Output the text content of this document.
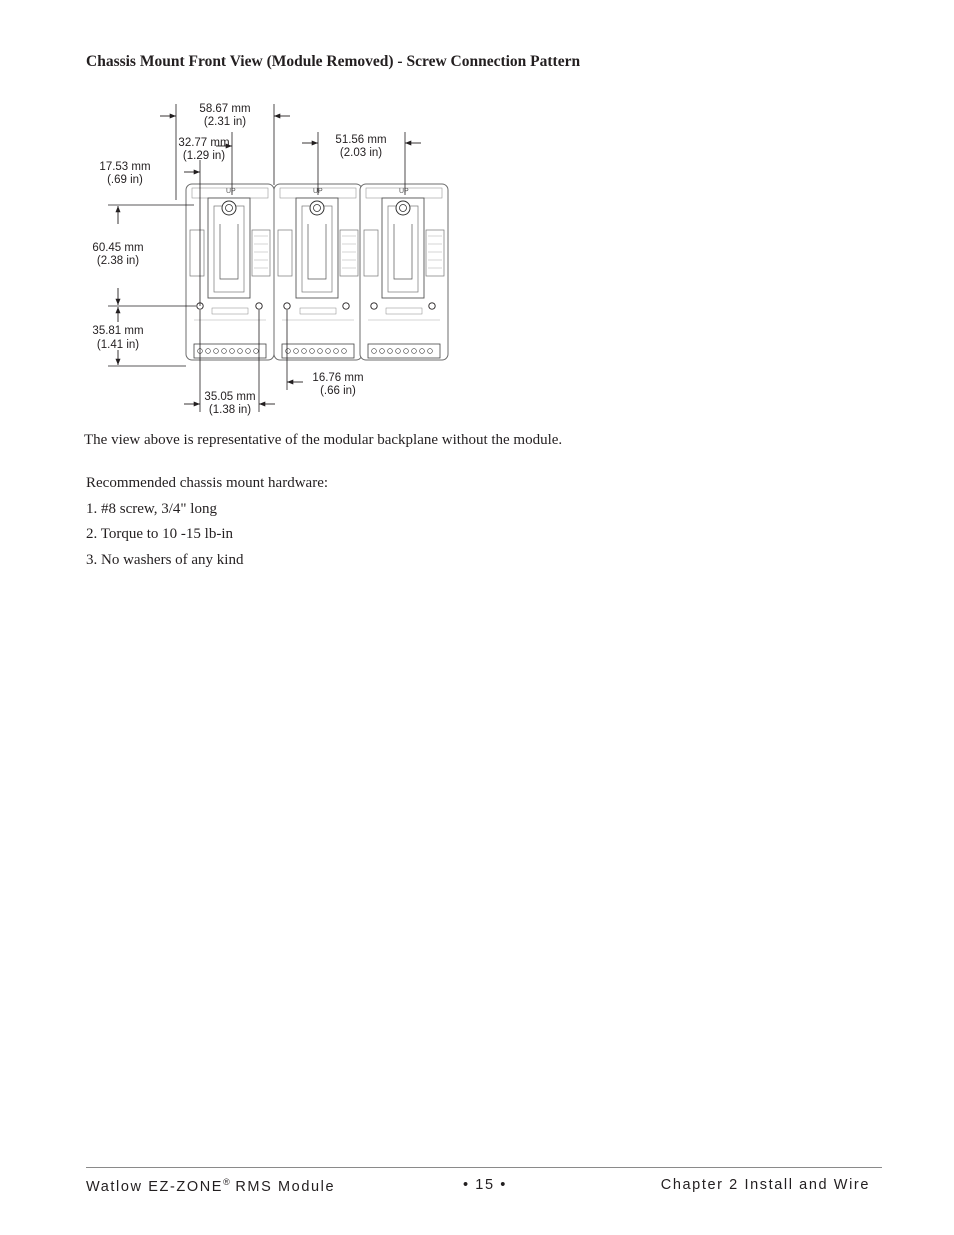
Chassis Mount Front View (Module Removed) - Screw Connection Pattern
UP	UP	UP
58.67 mm
(2.31 in)
32.77 mm
(1.29 in)
17.53 mm
(.69 in)
51.56 mm
(2.03 in)
60.45 mm
(2.38 in)
35.81 mm
(1.41 in)
16.76 mm
(.66 in)
35.05 mm
(1.38 in)
The view above is representative of the modular backplane without the module.
Recommended chassis mount hardware:
1. #8 screw, 3/4" long
2. Torque to 10 -15 lb-in
3. No washers of any kind
Watlow EZ-ZONE® RMS Module	• 15 •	Chapter 2 Install and Wire
